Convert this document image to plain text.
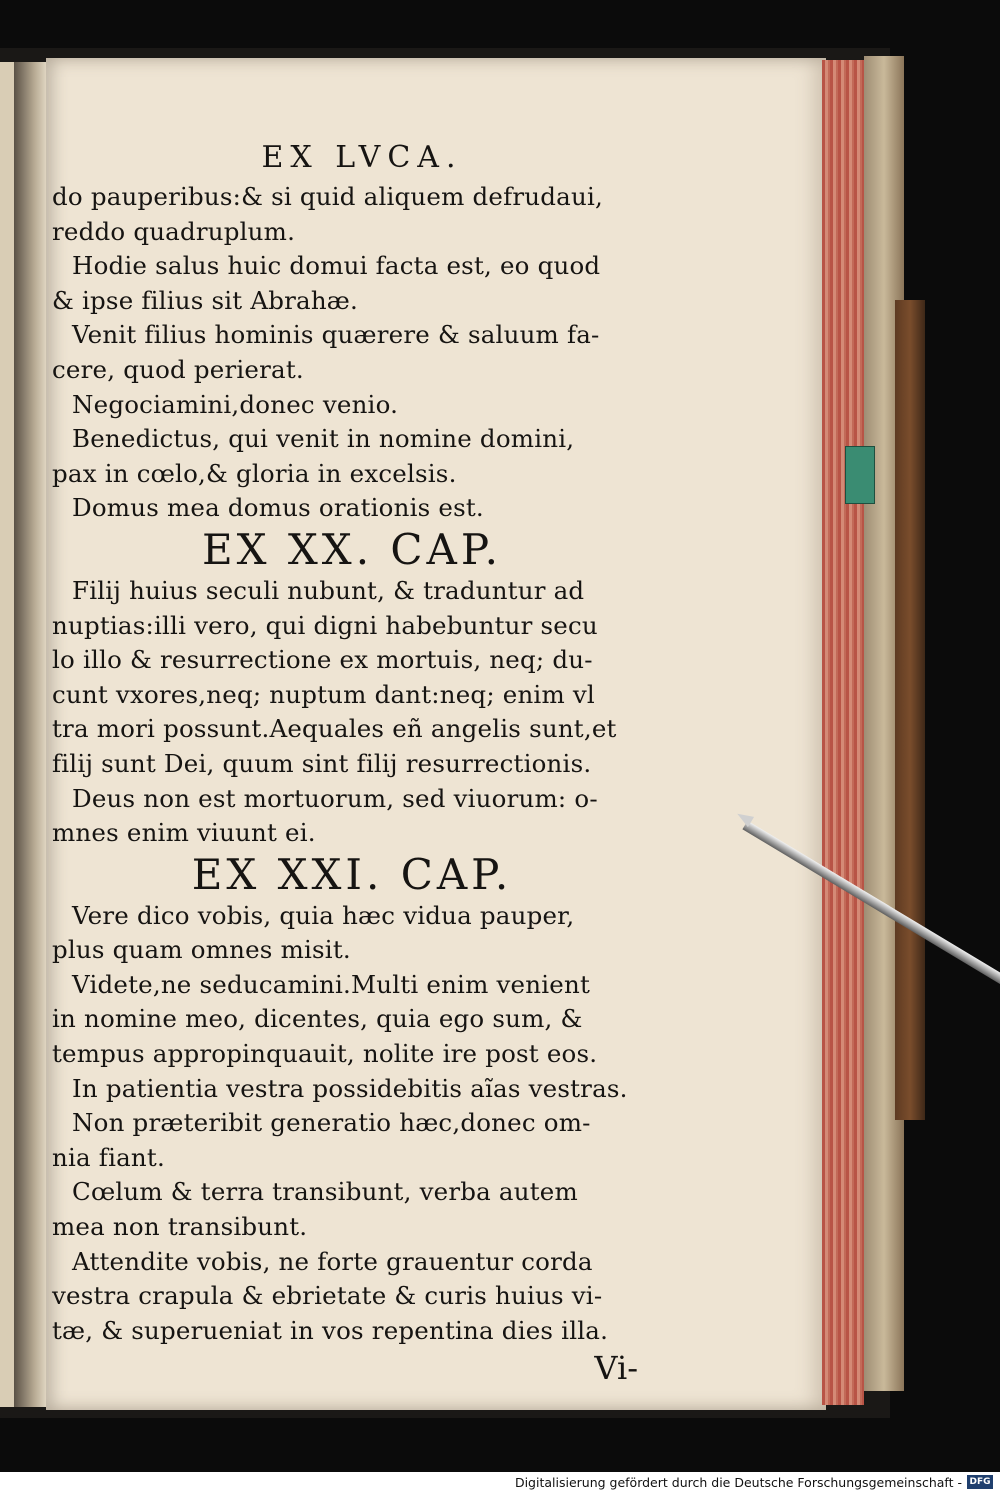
EX LVCA.
do pauperibus:& si quid aliquem defrudaui,
reddo quadruplum.
Hodie salus huic domui facta est, eo quod
& ipse filius sit Abrahæ.
Venit filius hominis quærere & saluum fa-
cere, quod perierat.
Negociamini,donec venio.
Benedictus, qui venit in nomine domini,
pax in cœlo,& gloria in excelsis.
Domus mea domus orationis est.
EX XX. CAP.
Filij huius seculi nubunt, & traduntur ad
nuptias:illi vero, qui digni habebuntur secu
lo illo & resurrectione ex mortuis, neq; du-
cunt vxores,neq; nuptum dant:neq; enim vl
tra mori possunt.Aequales eñ angelis sunt,et
filij sunt Dei, quum sint filij resurrectionis.
Deus non est mortuorum, sed viuorum: o-
mnes enim viuunt ei.
EX XXI. CAP.
Vere dico vobis, quia hæc vidua pauper,
plus quam omnes misit.
Videte,ne seducamini.Multi enim venient
in nomine meo, dicentes, quia ego sum, &
tempus appropinquauit, nolite ire post eos.
In patientia vestra possidebitis aĩas vestras.
Non præteribit generatio hæc,donec om-
nia fiant.
Cœlum & terra transibunt, verba autem
mea non transibunt.
Attendite vobis, ne forte grauentur corda
vestra crapula & ebrietate & curis huius vi-
tæ, & superueniat in vos repentina dies illa.
Vi-
Digitalisierung gefördert durch die Deutsche Forschungsgemeinschaft - DFG
